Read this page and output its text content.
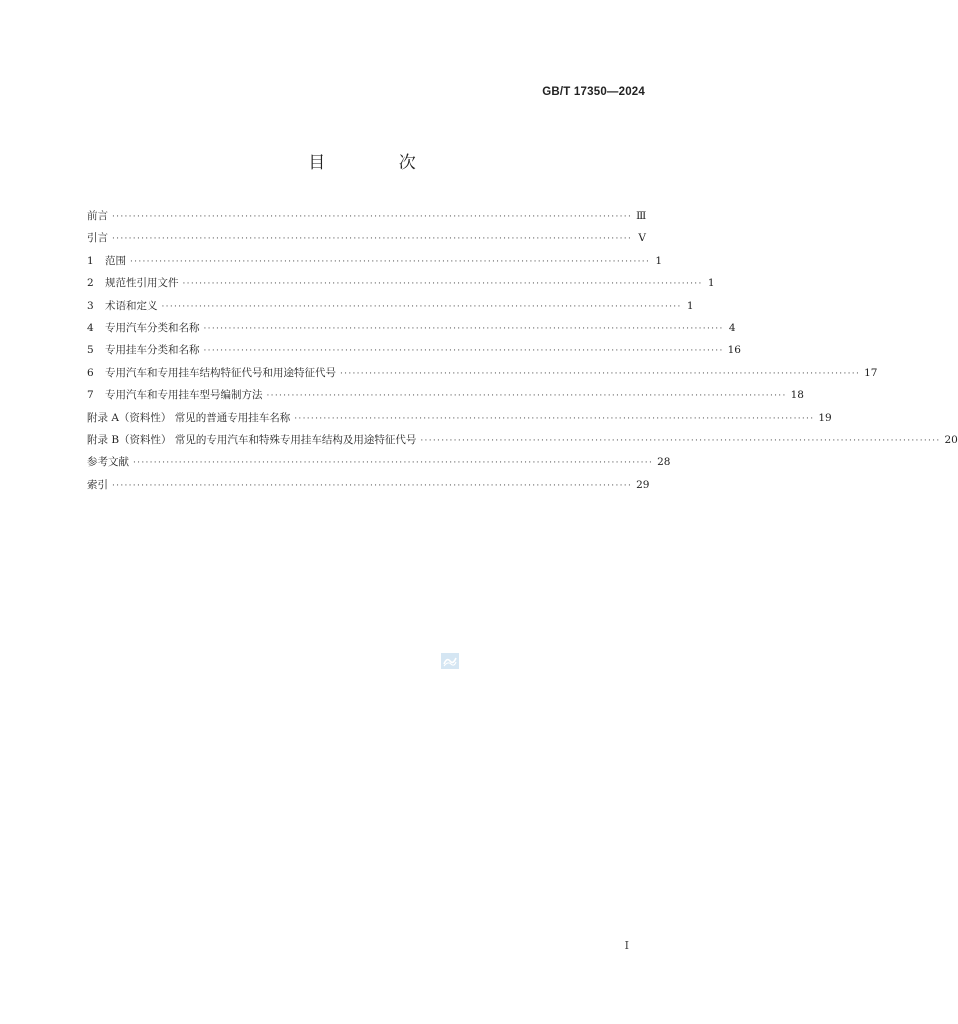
GB/T 17350—2024
目 次
前言 ····························································································································· Ⅲ
引言 ····························································································································· Ⅴ
1 范围 ····························································································································· 1
2 规范性引用文件 ····························································································································· 1
3 术语和定义 ····························································································································· 1
4 专用汽车分类和名称 ····························································································································· 4
5 专用挂车分类和名称 ····························································································································· 16
6 专用汽车和专用挂车结构特征代号和用途特征代号 ····························································································································· 17
7 专用汽车和专用挂车型号编制方法 ····························································································································· 18
附录 A（资料性） 常见的普通专用挂车名称 ····························································································································· 19
附录 B（资料性） 常见的专用汽车和特殊专用挂车结构及用途特征代号 ····························································································································· 20
参考文献 ····························································································································· 28
索引 ····························································································································· 29
I
